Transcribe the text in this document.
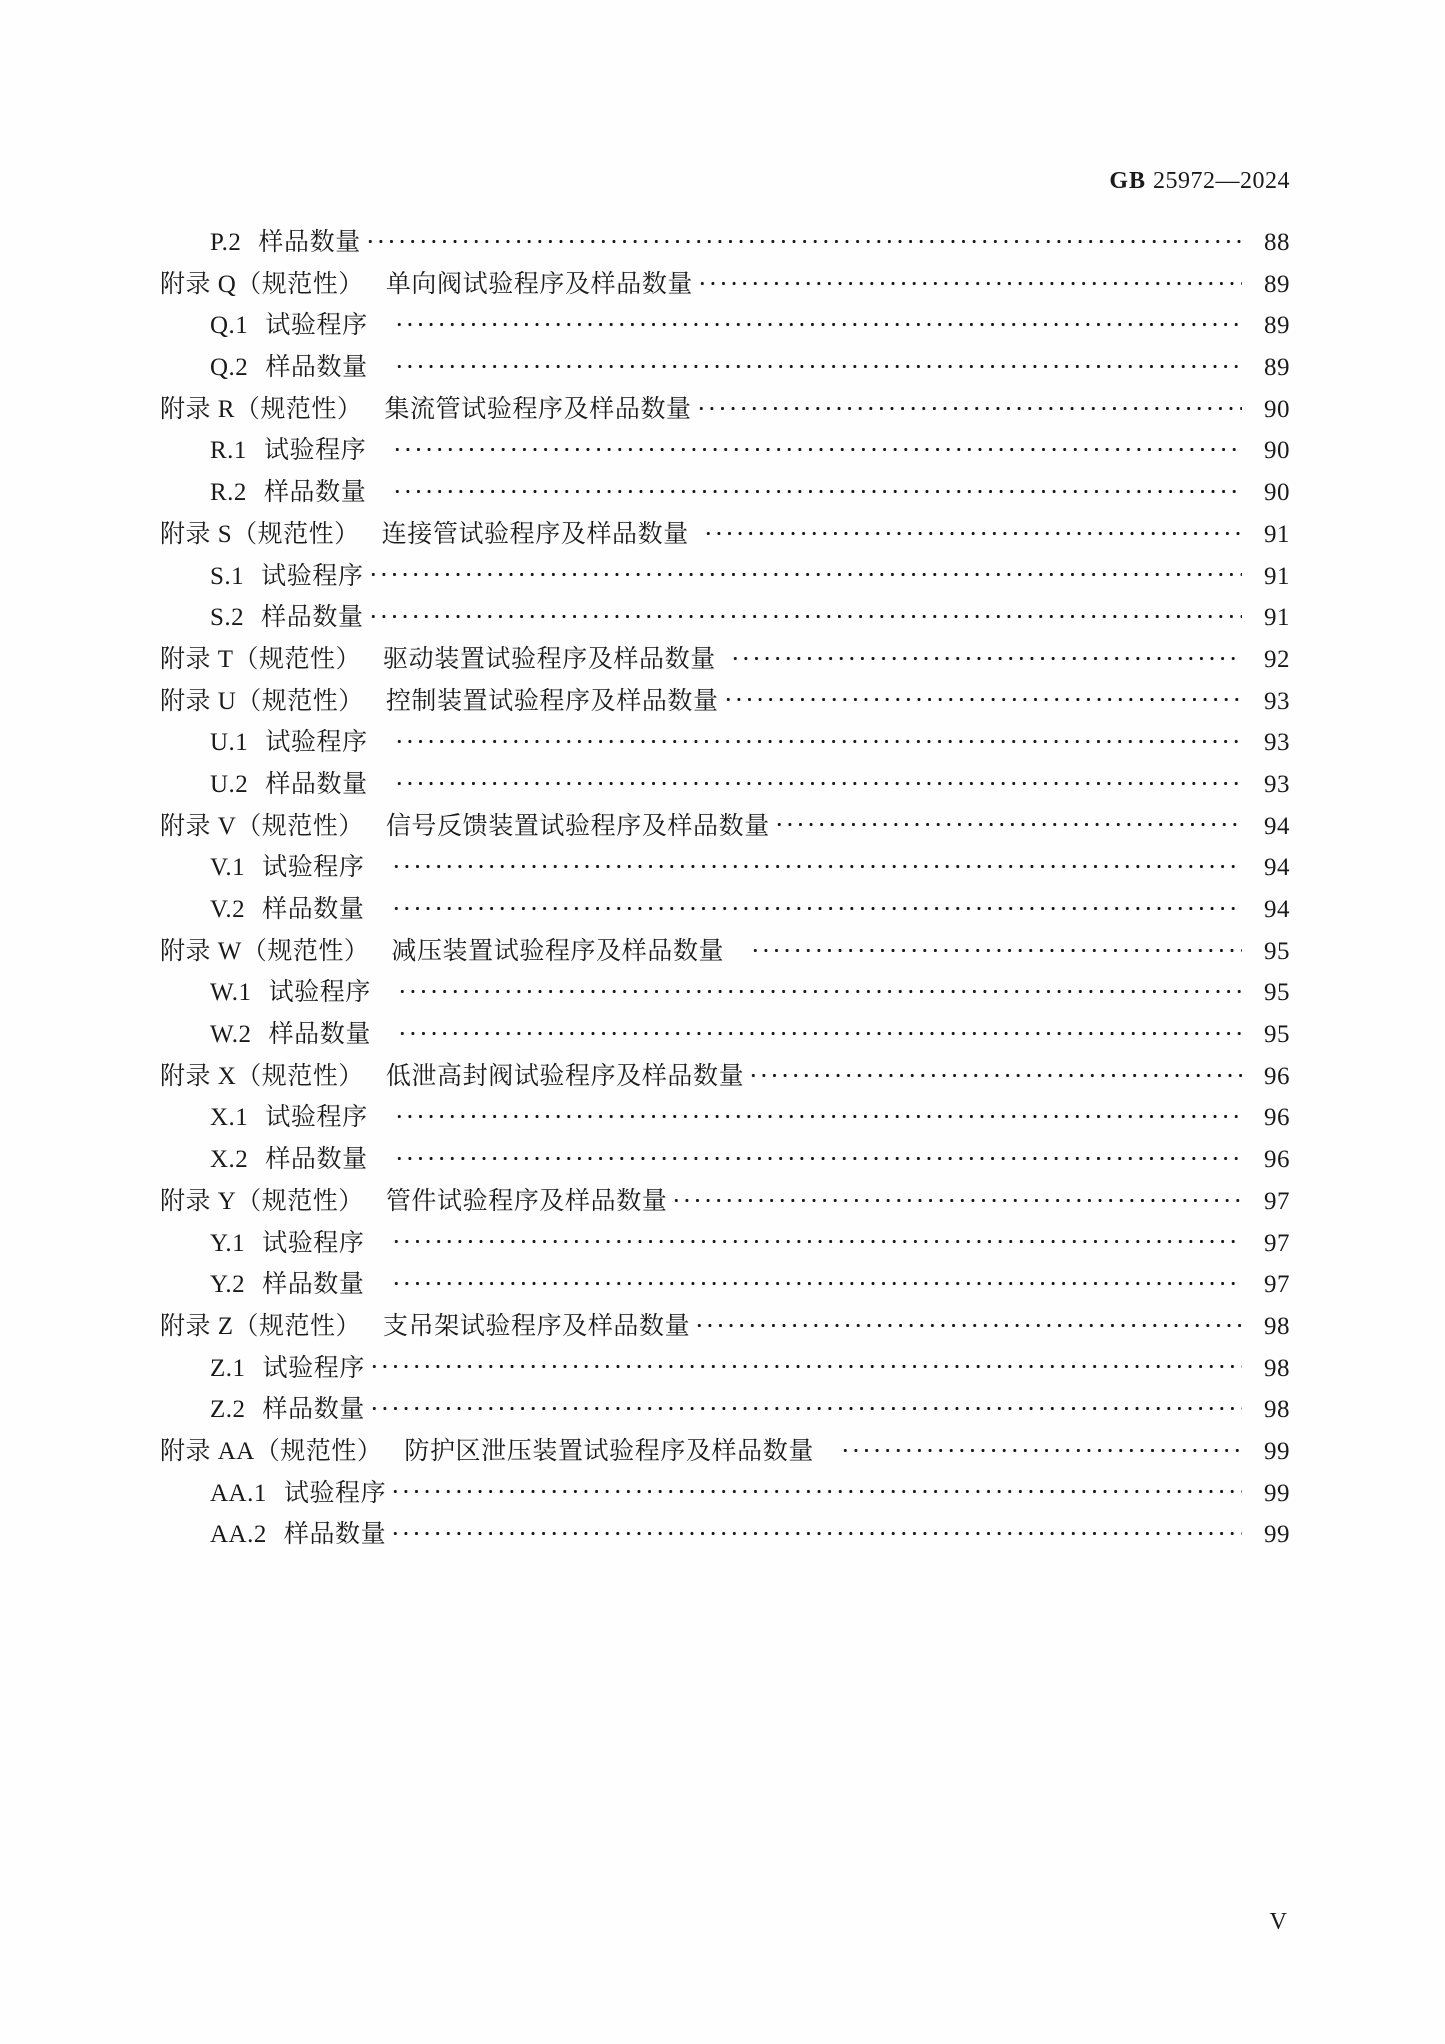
GB 25972—2024
P.2 样品数量	88
附录 Q（规范性） 单向阀试验程序及样品数量	89
Q.1 试验程序	89
Q.2 样品数量	89
附录 R（规范性） 集流管试验程序及样品数量	90
R.1 试验程序	90
R.2 样品数量	90
附录 S（规范性） 连接管试验程序及样品数量	91
S.1 试验程序	91
S.2 样品数量	91
附录 T（规范性） 驱动装置试验程序及样品数量	92
附录 U（规范性） 控制装置试验程序及样品数量	93
U.1 试验程序	93
U.2 样品数量	93
附录 V（规范性） 信号反馈装置试验程序及样品数量	94
V.1 试验程序	94
V.2 样品数量	94
附录 W（规范性） 减压装置试验程序及样品数量	95
W.1 试验程序	95
W.2 样品数量	95
附录 X（规范性） 低泄高封阀试验程序及样品数量	96
X.1 试验程序	96
X.2 样品数量	96
附录 Y（规范性） 管件试验程序及样品数量	97
Y.1 试验程序	97
Y.2 样品数量	97
附录 Z（规范性） 支吊架试验程序及样品数量	98
Z.1 试验程序	98
Z.2 样品数量	98
附录 AA（规范性） 防护区泄压装置试验程序及样品数量	99
AA.1 试验程序	99
AA.2 样品数量	99
V
